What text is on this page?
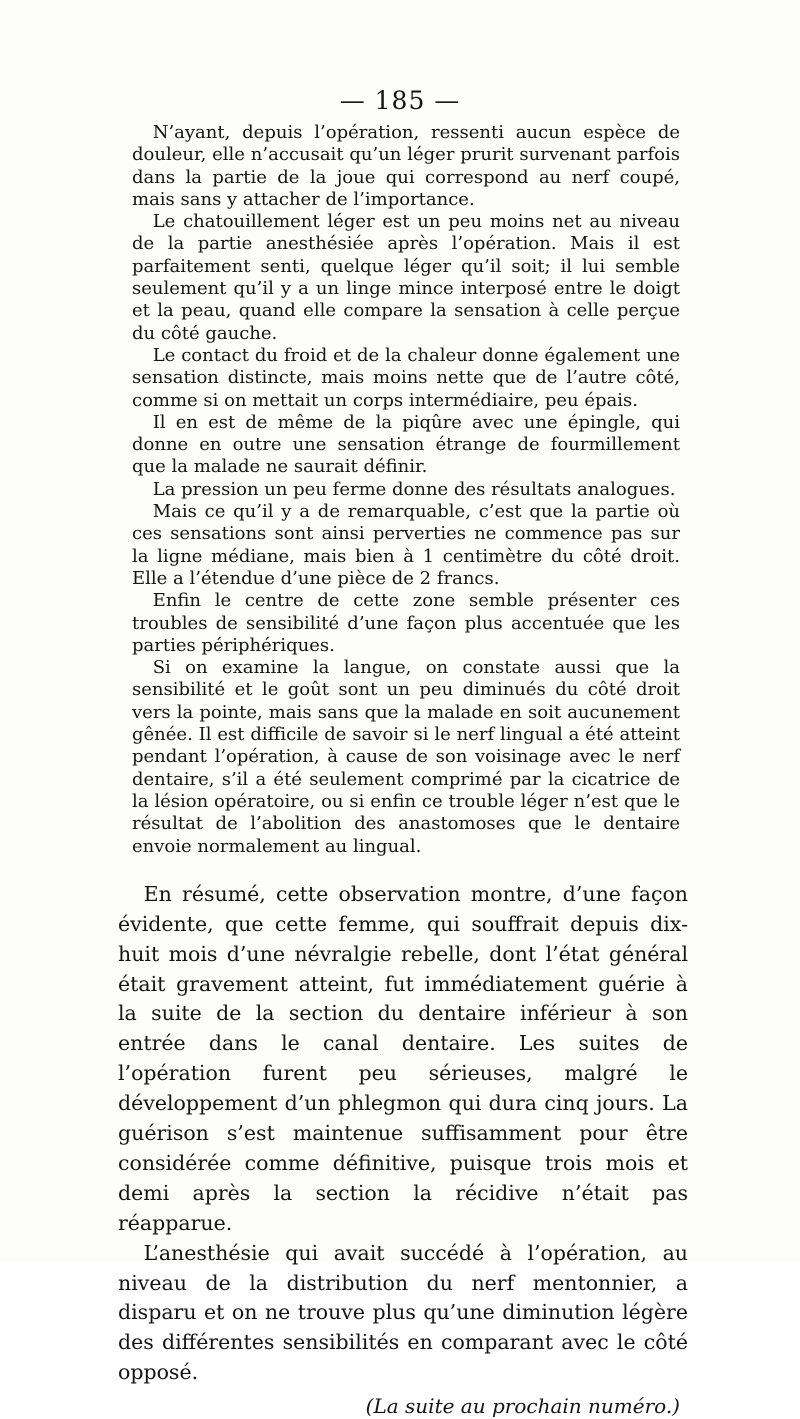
— 185 —

N’ayant, depuis l’opération, ressenti aucun espèce de douleur, elle n’accusait qu’un léger prurit survenant parfois dans la partie de la joue qui correspond au nerf coupé, mais sans y attacher de l’importance.

Le chatouillement léger est un peu moins net au niveau de la partie anesthésiée après l’opération. Mais il est parfaitement senti, quelque léger qu’il soit; il lui semble seulement qu’il y a un linge mince interposé entre le doigt et la peau, quand elle compare la sensation à celle perçue du côté gauche.

Le contact du froid et de la chaleur donne également une sensation distincte, mais moins nette que de l’autre côté, comme si on mettait un corps intermédiaire, peu épais.

Il en est de même de la piqûre avec une épingle, qui donne en outre une sensation étrange de fourmillement que la malade ne saurait définir.

La pression un peu ferme donne des résultats analogues.

Mais ce qu’il y a de remarquable, c’est que la partie où ces sensations sont ainsi perverties ne commence pas sur la ligne médiane, mais bien à 1 centimètre du côté droit. Elle a l’étendue d’une pièce de 2 francs.

Enfin le centre de cette zone semble présenter ces troubles de sensibilité d’une façon plus accentuée que les parties périphériques.

Si on examine la langue, on constate aussi que la sensibilité et le goût sont un peu diminués du côté droit vers la pointe, mais sans que la malade en soit aucunement gênée. Il est difficile de savoir si le nerf lingual a été atteint pendant l’opération, à cause de son voisinage avec le nerf dentaire, s’il a été seulement comprimé par la cicatrice de la lésion opératoire, ou si enfin ce trouble léger n’est que le résultat de l’abolition des anastomoses que le dentaire envoie normalement au lingual.

En résumé, cette observation montre, d’une façon évidente, que cette femme, qui souffrait depuis dix-huit mois d’une névralgie rebelle, dont l’état général était gravement atteint, fut immédiatement guérie à la suite de la section du dentaire inférieur à son entrée dans le canal dentaire. Les suites de l’opération furent peu sérieuses, malgré le développement d’un phlegmon qui dura cinq jours. La guérison s’est maintenue suffisamment pour être considérée comme définitive, puisque trois mois et demi après la section la récidive n’était pas réapparue.

L’anesthésie qui avait succédé à l’opération, au niveau de la distribution du nerf mentonnier, a disparu et on ne trouve plus qu’une diminution légère des différentes sensibilités en comparant avec le côté opposé.

(La suite au prochain numéro.)
